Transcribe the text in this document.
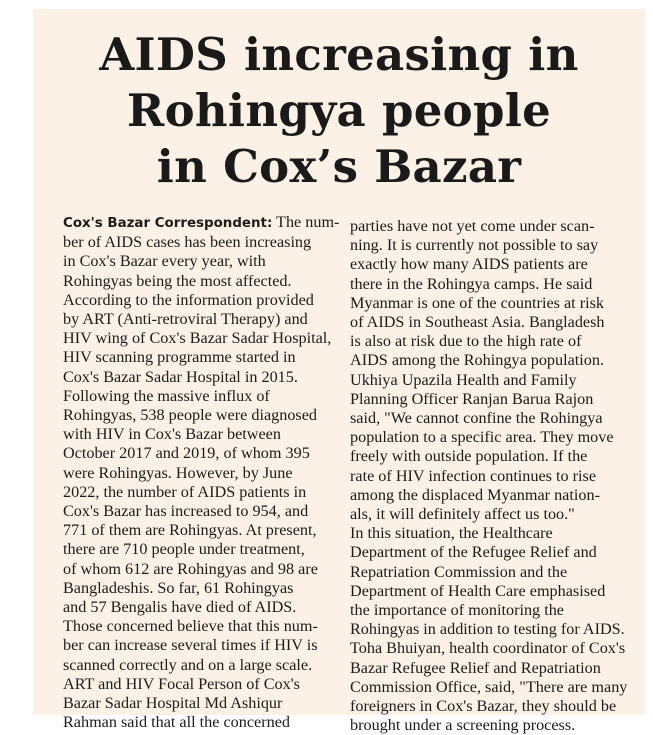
AIDS increasing in
Rohingya people
in Cox’s Bazar
Cox's Bazar Correspondent: The num-
ber of AIDS cases has been increasing
in Cox's Bazar every year, with
Rohingyas being the most affected.
According to the information provided
by ART (Anti-retroviral Therapy) and
HIV wing of Cox's Bazar Sadar Hospital,
HIV scanning programme started in
Cox's Bazar Sadar Hospital in 2015.
Following the massive influx of
Rohingyas, 538 people were diagnosed
with HIV in Cox's Bazar between
October 2017 and 2019, of whom 395
were Rohingyas. However, by June
2022, the number of AIDS patients in
Cox's Bazar has increased to 954, and
771 of them are Rohingyas. At present,
there are 710 people under treatment,
of whom 612 are Rohingyas and 98 are
Bangladeshis. So far, 61 Rohingyas
and 57 Bengalis have died of AIDS.
Those concerned believe that this num-
ber can increase several times if HIV is
scanned correctly and on a large scale.
ART and HIV Focal Person of Cox's
Bazar Sadar Hospital Md Ashiqur
Rahman said that all the concerned
parties have not yet come under scan-
ning. It is currently not possible to say
exactly how many AIDS patients are
there in the Rohingya camps. He said
Myanmar is one of the countries at risk
of AIDS in Southeast Asia. Bangladesh
is also at risk due to the high rate of
AIDS among the Rohingya population.
Ukhiya Upazila Health and Family
Planning Officer Ranjan Barua Rajon
said, "We cannot confine the Rohingya
population to a specific area. They move
freely with outside population. If the
rate of HIV infection continues to rise
among the displaced Myanmar nation-
als, it will definitely affect us too."
In this situation, the Healthcare
Department of the Refugee Relief and
Repatriation Commission and the
Department of Health Care emphasised
the importance of monitoring the
Rohingyas in addition to testing for AIDS.
Toha Bhuiyan, health coordinator of Cox's
Bazar Refugee Relief and Repatriation
Commission Office, said, "There are many
foreigners in Cox's Bazar, they should be
brought under a screening process.
